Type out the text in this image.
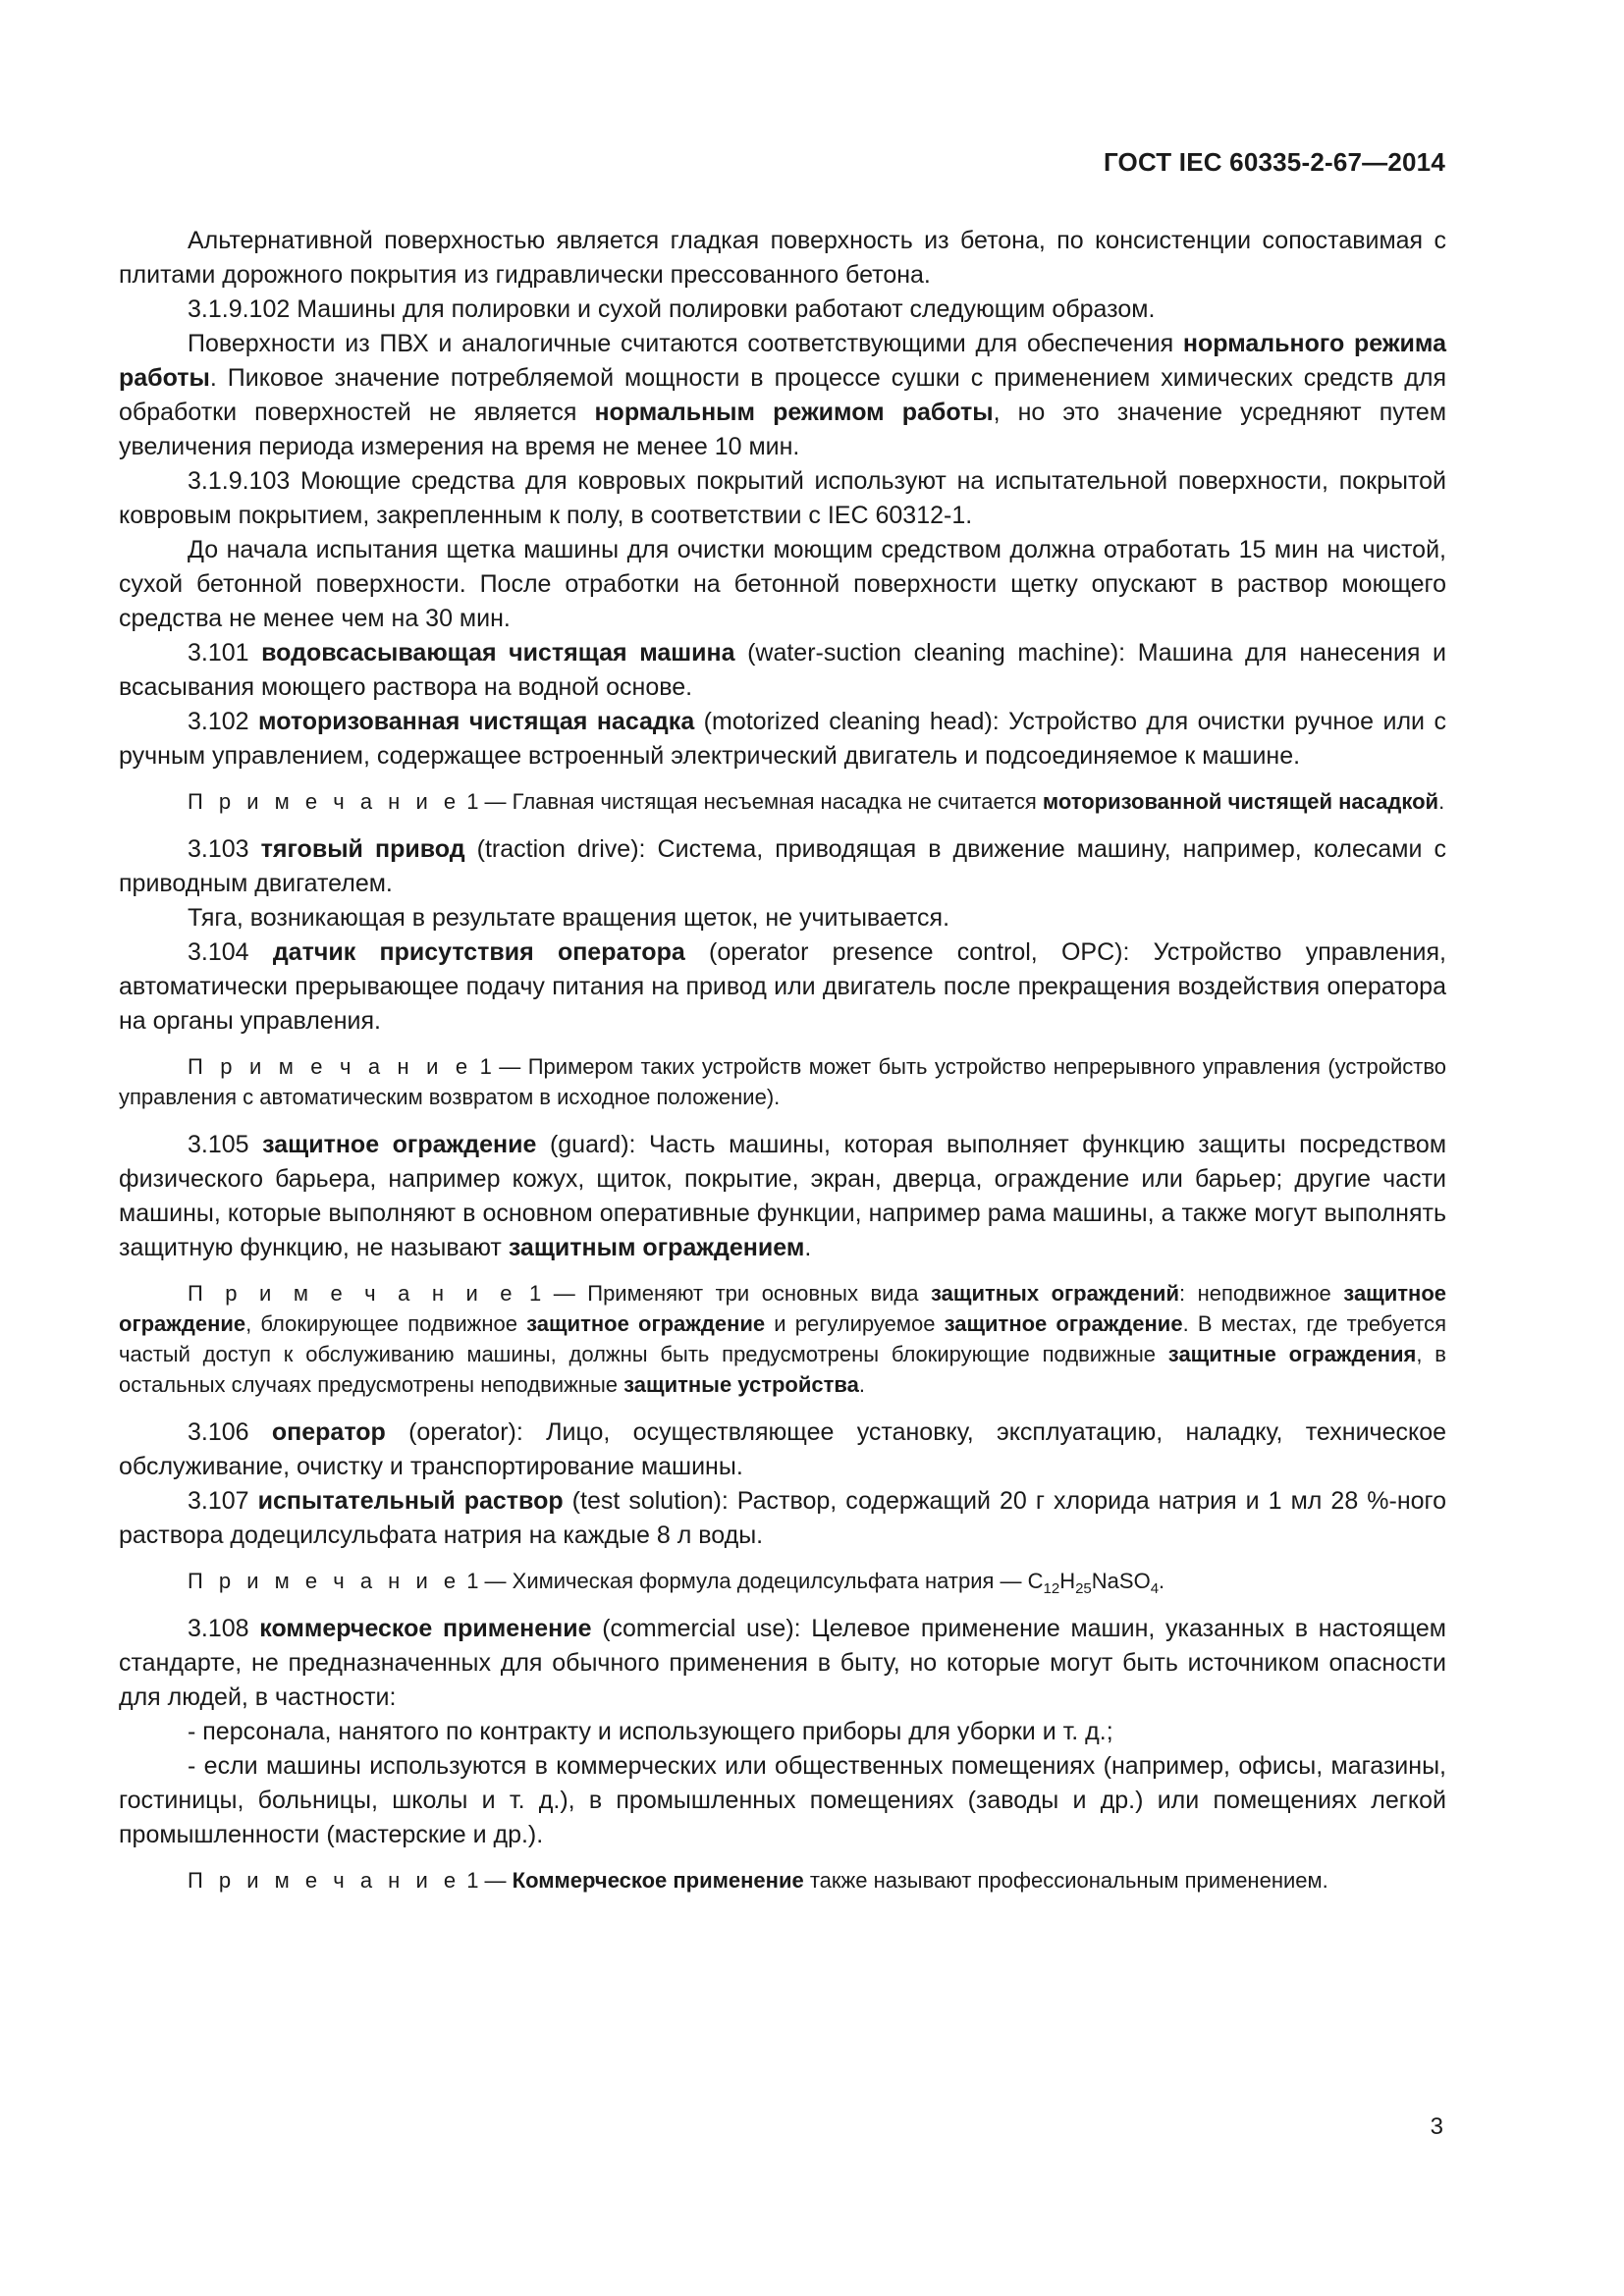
ГОСТ IEC 60335-2-67—2014

Альтернативной поверхностью является гладкая поверхность из бетона, по консистенции сопоставимая с плитами дорожного покрытия из гидравлически прессованного бетона.

3.1.9.102 Машины для полировки и сухой полировки работают следующим образом.

Поверхности из ПВХ и аналогичные считаются соответствующими для обеспечения нормального режима работы. Пиковое значение потребляемой мощности в процессе сушки с применением химических средств для обработки поверхностей не является нормальным режимом работы, но это значение усредняют путем увеличения периода измерения на время не менее 10 мин.

3.1.9.103 Моющие средства для ковровых покрытий используют на испытательной поверхности, покрытой ковровым покрытием, закрепленным к полу, в соответствии с IEC 60312-1.

До начала испытания щетка машины для очистки моющим средством должна отработать 15 мин на чистой, сухой бетонной поверхности. После отработки на бетонной поверхности щетку опускают в раствор моющего средства не менее чем на 30 мин.

3.101 водовсасывающая чистящая машина (water-suction cleaning machine): Машина для нанесения и всасывания моющего раствора на водной основе.

3.102 моторизованная чистящая насадка (motorized cleaning head): Устройство для очистки ручное или с ручным управлением, содержащее встроенный электрический двигатель и подсоединяемое к машине.

П р и м е ч а н и е 1 — Главная чистящая несъемная насадка не считается моторизованной чистящей насадкой.

3.103 тяговый привод (traction drive): Система, приводящая в движение машину, например, колесами с приводным двигателем.

Тяга, возникающая в результате вращения щеток, не учитывается.

3.104 датчик присутствия оператора (operator presence control, OPC): Устройство управления, автоматически прерывающее подачу питания на привод или двигатель после прекращения воздействия оператора на органы управления.

П р и м е ч а н и е 1 — Примером таких устройств может быть устройство непрерывного управления (устройство управления с автоматическим возвратом в исходное положение).

3.105 защитное ограждение (guard): Часть машины, которая выполняет функцию защиты посредством физического барьера, например кожух, щиток, покрытие, экран, дверца, ограждение или барьер; другие части машины, которые выполняют в основном оперативные функции, например рама машины, а также могут выполнять защитную функцию, не называют защитным ограждением.

П р и м е ч а н и е 1 — Применяют три основных вида защитных ограждений: неподвижное защитное ограждение, блокирующее подвижное защитное ограждение и регулируемое защитное ограждение. В местах, где требуется частый доступ к обслуживанию машины, должны быть предусмотрены блокирующие подвижные защитные ограждения, в остальных случаях предусмотрены неподвижные защитные устройства.

3.106 оператор (operator): Лицо, осуществляющее установку, эксплуатацию, наладку, техническое обслуживание, очистку и транспортирование машины.

3.107 испытательный раствор (test solution): Раствор, содержащий 20 г хлорида натрия и 1 мл 28 %-ного раствора додецилсульфата натрия на каждые 8 л воды.

П р и м е ч а н и е 1 — Химическая формула додецилсульфата натрия — $C_{12}H_{25}NaSO_4$.

3.108 коммерческое применение (commercial use): Целевое применение машин, указанных в настоящем стандарте, не предназначенных для обычного применения в быту, но которые могут быть источником опасности для людей, в частности:

- персонала, нанятого по контракту и использующего приборы для уборки и т. д.;

- если машины используются в коммерческих или общественных помещениях (например, офисы, магазины, гостиницы, больницы, школы и т. д.), в промышленных помещениях (заводы и др.) или помещениях легкой промышленности (мастерские и др.).

П р и м е ч а н и е 1 — Коммерческое применение также называют профессиональным применением.

3
